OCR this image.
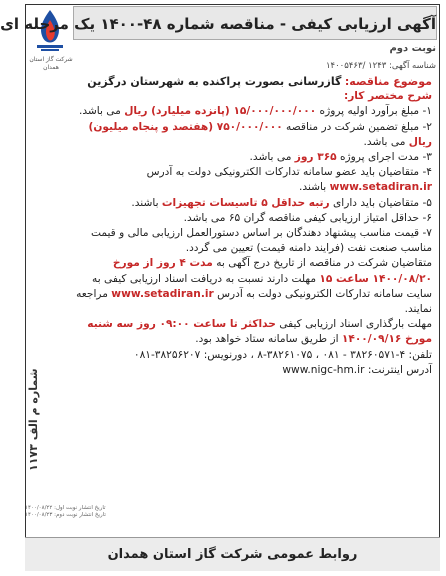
شرکت گاز استان همدان
آگهی ارزیابی کیفی - مناقصه شماره ۴۸-۱۴۰۰ یک مرحله ای
نوبت دوم
شناسه آگهی: ۱۲۴۳ /۱۴۰۰۵۴۶۳

موضوع مناقصه: گازرسانی بصورت پراکنده به شهرستان درگزین

شرح مختصر کار:

۱- مبلغ برآورد اولیه پروژه ۱۵/۰۰۰/۰۰۰/۰۰۰ (پانزده میلیارد) ریال می باشد.

۲- مبلغ تضمین شرکت در مناقصه ۷۵۰/۰۰۰/۰۰۰ (هفتصد و پنجاه میلیون) ریال می باشد.

۳- مدت اجرای پروژه ۳۶۵ روز می باشد.

۴- متقاضیان باید عضو سامانه تدارکات الکترونیکی دولت به آدرس www.setadiran.ir باشند.

۵- متقاضیان باید دارای رتبه حداقل ۵ تاسیسات تجهیزات باشند.

۶- حداقل امتیاز ارزیابی کیفی مناقصه گران ۶۵ می باشد.

۷- قیمت مناسب پیشنهاد دهندگان بر اساس دستورالعمل ارزیابی مالی و قیمت مناسب صنعت نفت (فرایند دامنه قیمت) تعیین می گردد.

متقاضیان شرکت در مناقصه از تاریخ درج آگهی به مدت ۴ روز از مورخ ۱۴۰۰/۰۸/۲۰ ساعت ۱۵ مهلت دارند نسبت به دریافت اسناد ارزیابی کیفی به سایت سامانه تدارکات الکترونیکی دولت به آدرس www.setadiran.ir مراجعه نمایند.

مهلت بارگذاری اسناد ارزیابی کیفی حداکثر تا ساعت ۰۹:۰۰ روز سه شنبه مورخ ۱۴۰۰/۰۹/۱۶ از طریق سامانه ستاد خواهد بود.

تلفن: ۴-۳۸۲۶۰۵۷۱ - ۰۸۱ ، ۳۸۲۶۱۰۷۵-۸ ، دورنویس: ۳۸۲۵۶۲۰۷-۰۸۱

آدرس اینترنت: www.nigc-hm.ir

شماره م الف ۱۱۷۳
تاریخ انتشار نوبت اول: ۱۴۰۰/۰۸/۲۲
تاریخ انتشار نوبت دوم: ۱۴۰۰/۰۸/۲۳
روابط عمومی شرکت گاز استان همدان
